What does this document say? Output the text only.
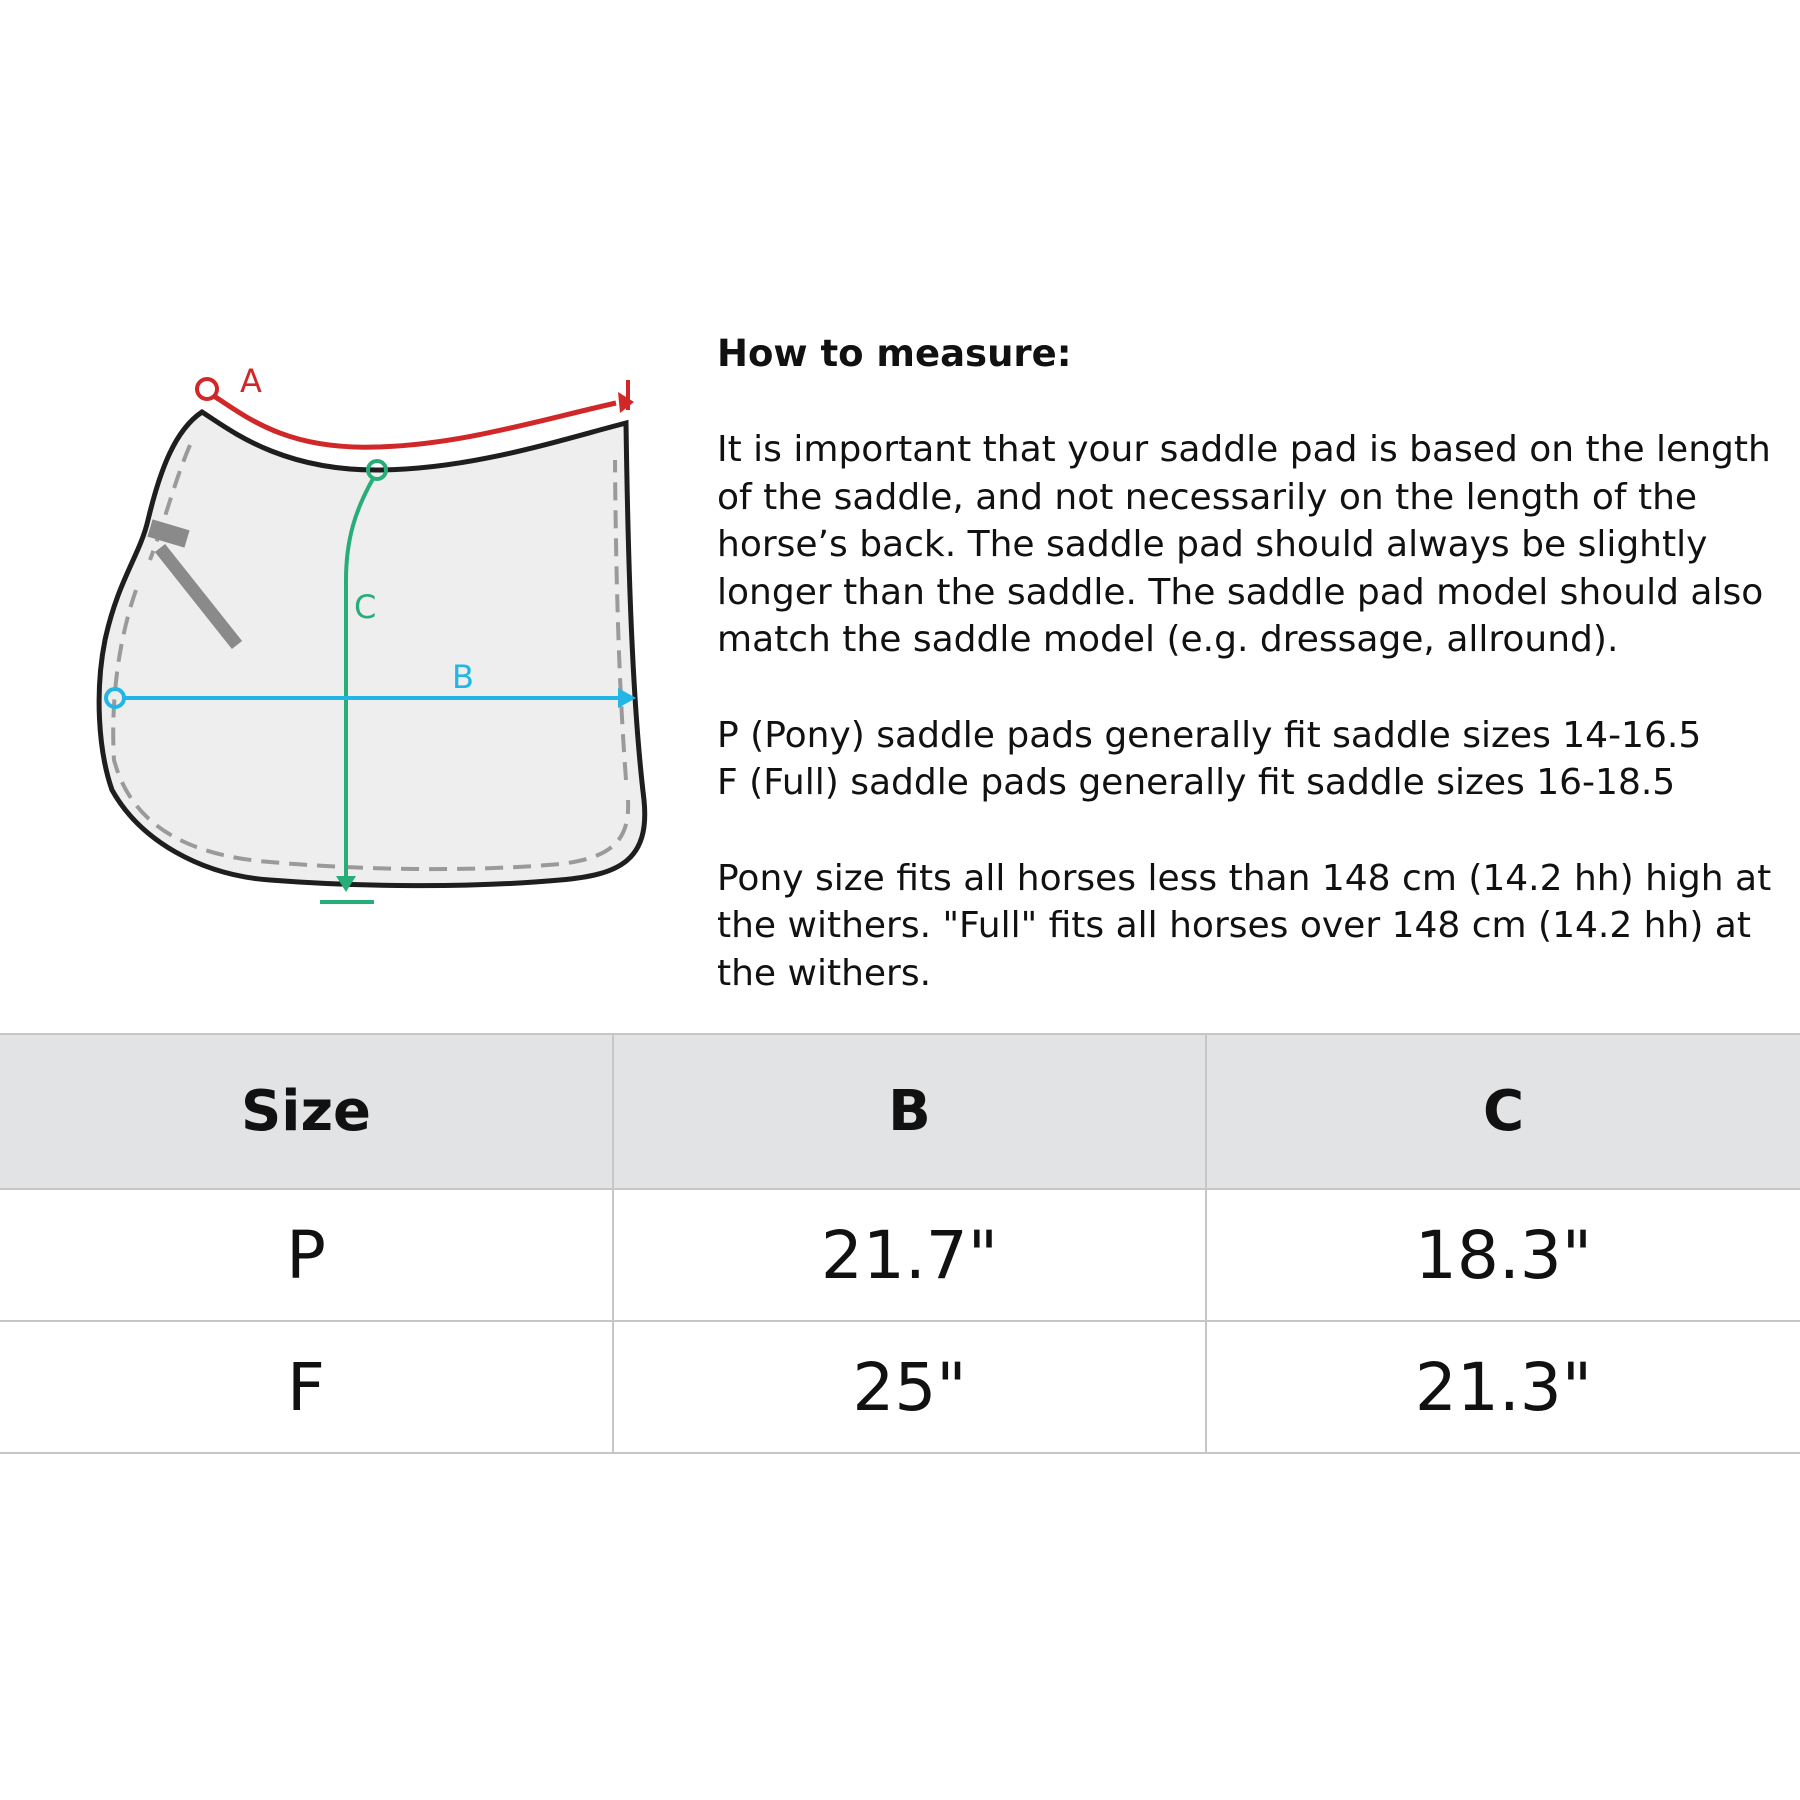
A
C
B
How to measure:

It is important that your saddle pad is based on the length of the saddle, and not necessarily on the length of the horse’s back. The saddle pad should always be slightly longer than the saddle. The saddle pad model should also match the saddle model (e.g. dressage, allround).

P (Pony) saddle pads generally fit saddle sizes 14-16.5

F (Full) saddle pads generally fit saddle sizes 16-18.5

Pony size fits all horses less than 148 cm (14.2 hh) high at the withers. "Full" fits all horses over 148 cm (14.2 hh) at the withers.

Size	B	C
P	21.7"	18.3"
F	25"	21.3"
